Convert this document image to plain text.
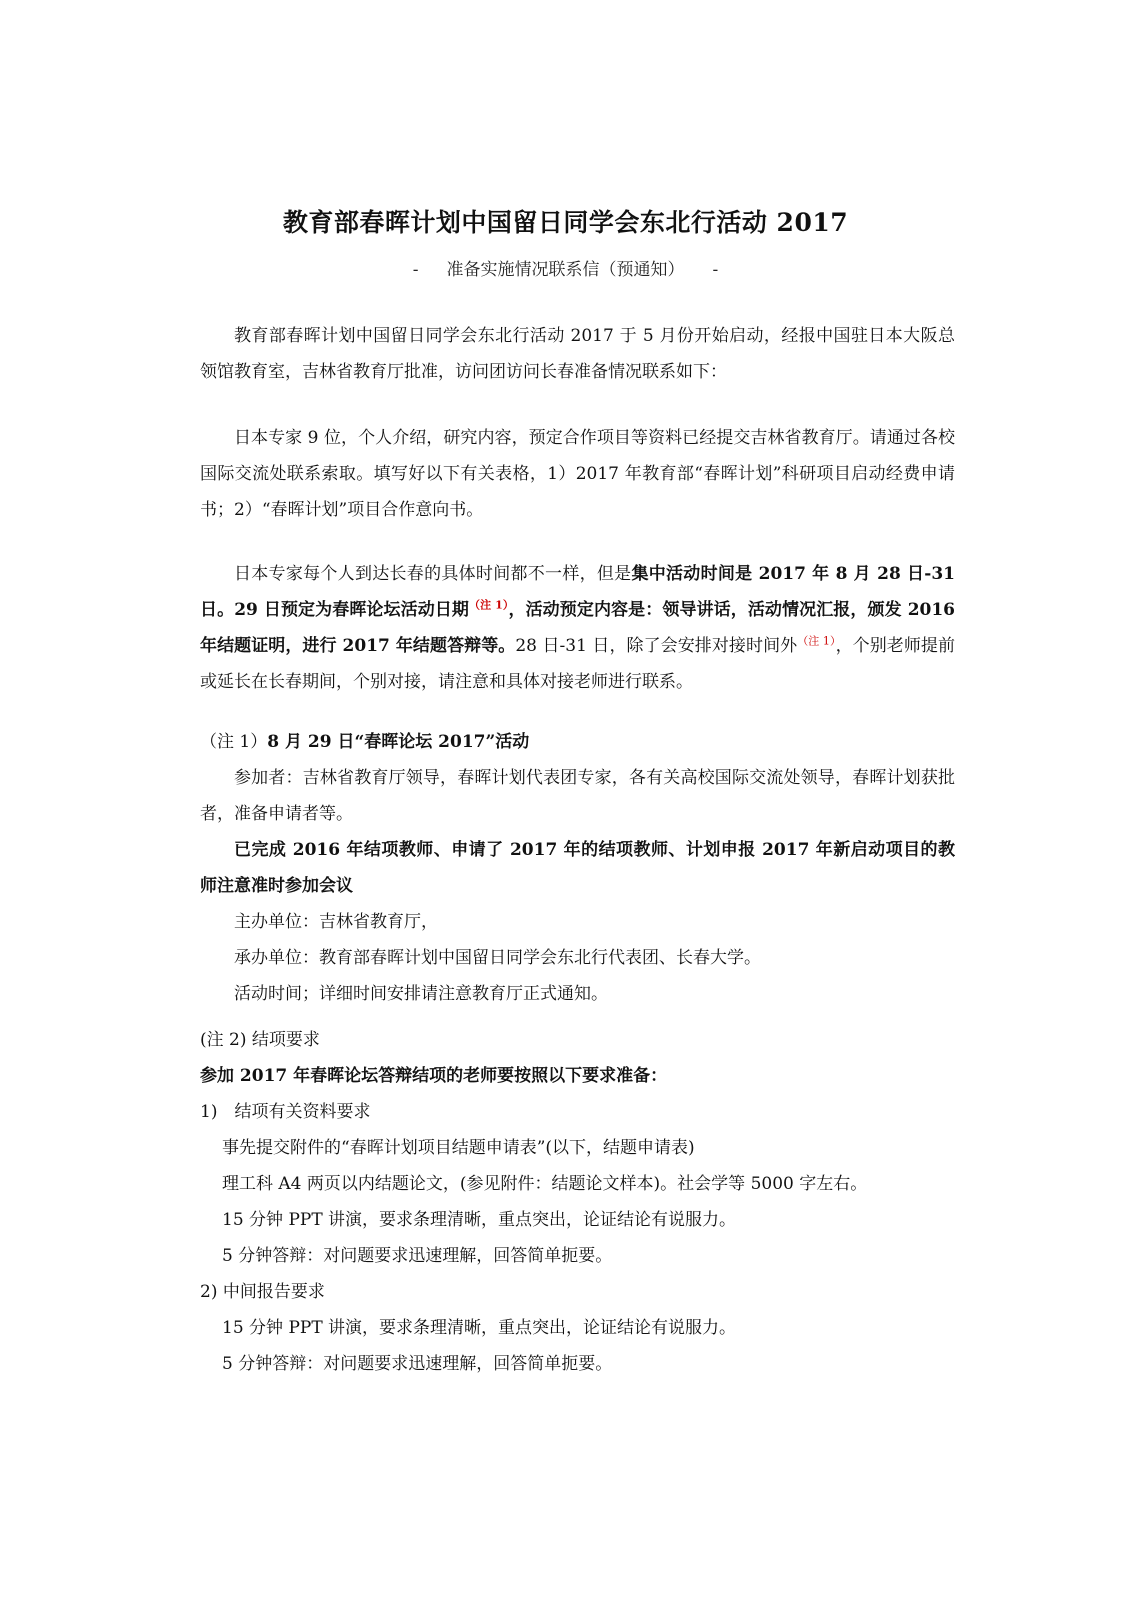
教育部春晖计划中国留日同学会东北行活动 2017
- 准备实施情况联系信（预通知） -

教育部春晖计划中国留日同学会东北行活动 2017 于 5 月份开始启动，经报中国驻日本大阪总领馆教育室，吉林省教育厅批准，访问团访问长春准备情况联系如下：

日本专家 9 位，个人介绍，研究内容，预定合作项目等资料已经提交吉林省教育厅。请通过各校国际交流处联系索取。填写好以下有关表格，1）2017 年教育部“春晖计划”科研项目启动经费申请书；2）“春晖计划”项目合作意向书。

日本专家每个人到达长春的具体时间都不一样，但是集中活动时间是 2017 年 8 月 28 日-31 日。29 日预定为春晖论坛活动日期$^{(注 1)}$，活动预定内容是：领导讲话，活动情况汇报，颁发 2016 年结题证明，进行 2017 年结题答辩等。28 日-31 日，除了会安排对接时间外$^{(注 1)}$，个别老师提前或延长在长春期间，个别对接，请注意和具体对接老师进行联系。

（注 1）8 月 29 日“春晖论坛 2017”活动

参加者：吉林省教育厅领导，春晖计划代表团专家，各有关高校国际交流处领导，春晖计划获批者，准备申请者等。

已完成 2016 年结项教师、申请了 2017 年的结项教师、计划申报 2017 年新启动项目的教师注意准时参加会议

主办单位：吉林省教育厅，

承办单位：教育部春晖计划中国留日同学会东北行代表团、长春大学。

活动时间；详细时间安排请注意教育厅正式通知。

(注 2) 结项要求

参加 2017 年春晖论坛答辩结项的老师要按照以下要求准备：

1)　结项有关资料要求

事先提交附件的“春晖计划项目结题申请表”(以下，结题申请表)

理工科 A4 两页以内结题论文，(参见附件：结题论文样本)。社会学等 5000 字左右。

15 分钟 PPT 讲演，要求条理清晰，重点突出，论证结论有说服力。

5 分钟答辩：对问题要求迅速理解，回答简单扼要。

2) 中间报告要求

15 分钟 PPT 讲演，要求条理清晰，重点突出，论证结论有说服力。

5 分钟答辩：对问题要求迅速理解，回答简单扼要。
